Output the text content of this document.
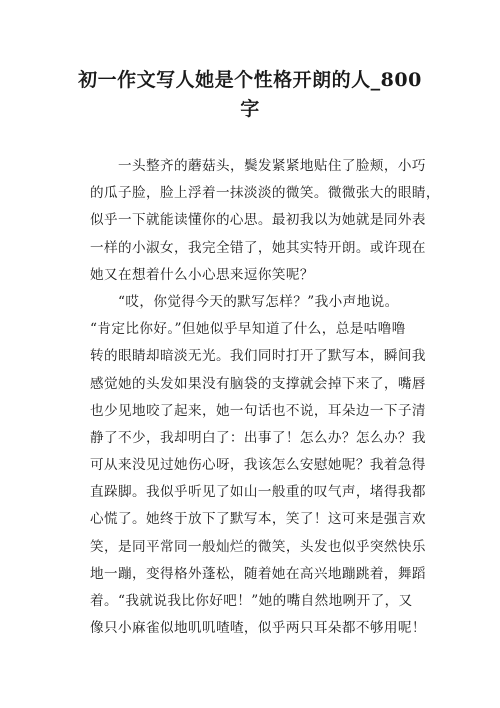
初一作文写人她是个性格开朗的人_800
字
一头整齐的蘑菇头，鬓发紧紧地贴住了脸颊，小巧
的瓜子脸，脸上浮着一抹淡淡的微笑。微微张大的眼睛，
似乎一下就能读懂你的心思。最初我以为她就是同外表
一样的小淑女，我完全错了，她其实特开朗。或许现在
她又在想着什么小心思来逗你笑呢？
“哎，你觉得今天的默写怎样？”我小声地说。
“肯定比你好。”但她似乎早知道了什么，总是咕噜噜
转的眼睛却暗淡无光。我们同时打开了默写本，瞬间我
感觉她的头发如果没有脑袋的支撑就会掉下来了，嘴唇
也少见地咬了起来，她一句话也不说，耳朵边一下子清
静了不少，我却明白了：出事了！怎么办？怎么办？我
可从来没见过她伤心呀，我该怎么安慰她呢？我着急得
直跺脚。我似乎听见了如山一般重的叹气声，堵得我都
心慌了。她终于放下了默写本，笑了！这可来是强言欢
笑，是同平常同一般灿烂的微笑，头发也似乎突然快乐
地一蹦，变得格外蓬松，随着她在高兴地蹦跳着，舞蹈
着。“我就说我比你好吧！”她的嘴自然地咧开了，又
像只小麻雀似地叽叽喳喳，似乎两只耳朵都不够用呢！
